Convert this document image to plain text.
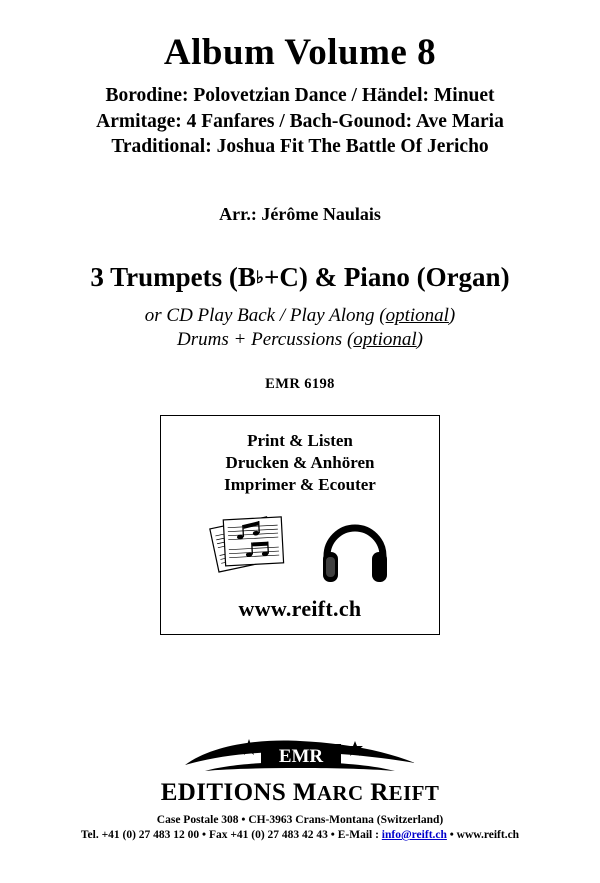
Album Volume 8
Borodine: Polovetzian Dance / Händel: Minuet
Armitage: 4 Fanfares / Bach-Gounod: Ave Maria
Traditional: Joshua Fit The Battle Of Jericho
Arr.: Jérôme Naulais
3 Trumpets (B♭+C) & Piano (Organ)
or CD Play Back / Play Along (optional)
Drums + Percussions (optional)
EMR 6198
Print & Listen
Drucken & Anhören
Imprimer & Ecouter
www.reift.ch
EMR
EDITIONS MARC REIFT
Case Postale 308 • CH-3963 Crans-Montana (Switzerland)
Tel. +41 (0) 27 483 12 00 • Fax +41 (0) 27 483 42 43 • E-Mail : info@reift.ch • www.reift.ch
